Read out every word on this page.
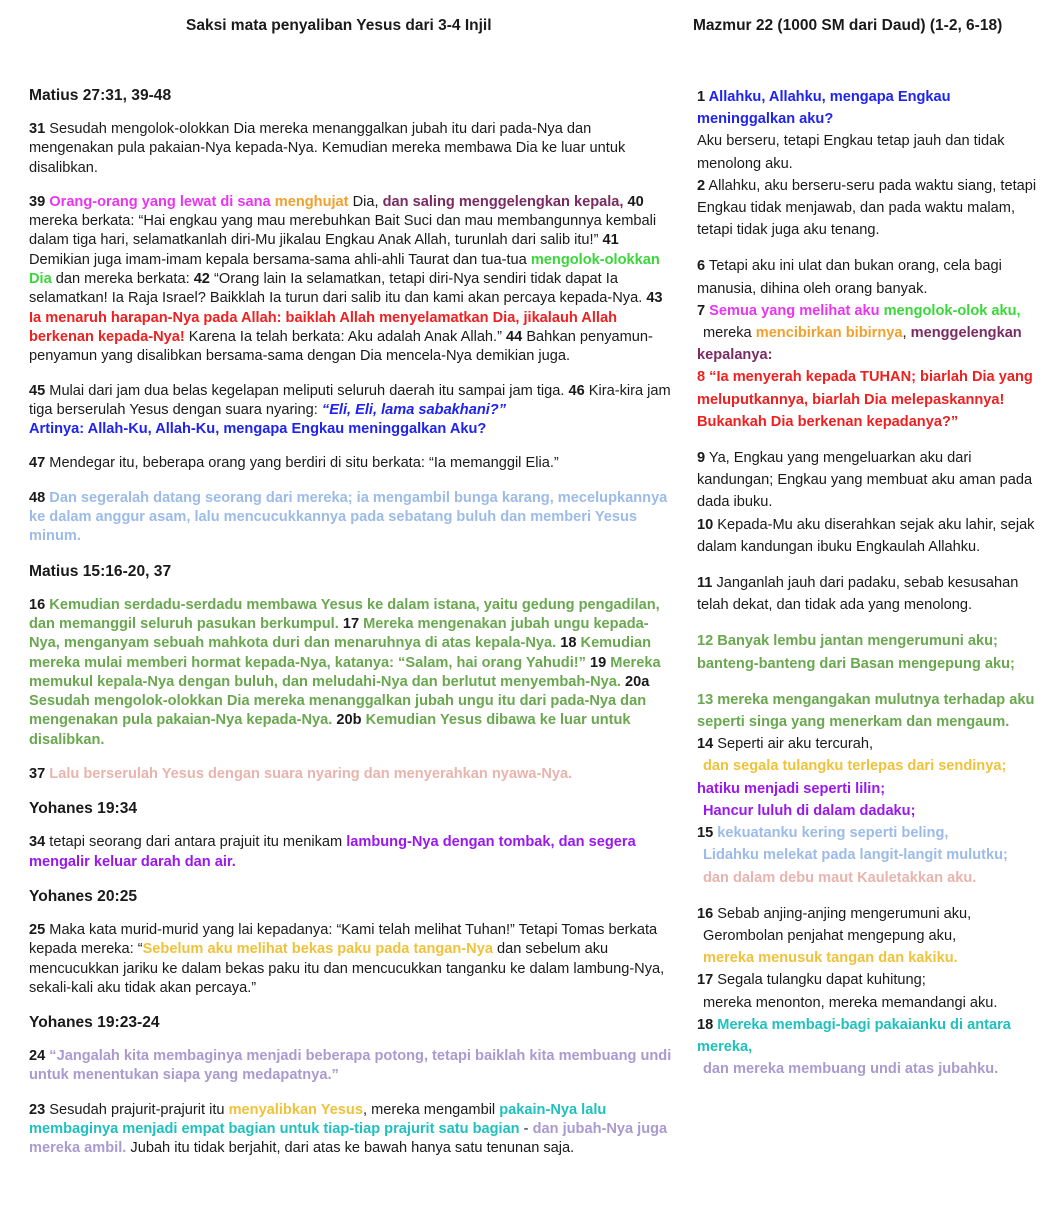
Saksi mata penyaliban Yesus dari 3-4 Injil	Mazmur 22 (1000 SM dari Daud) (1-2, 6-18)
Matius 27:31, 39-48

31 Sesudah mengolok-olokkan Dia mereka menanggalkan jubah itu dari pada-Nya dan mengenakan pula pakaian-Nya kepada-Nya. Kemudian mereka membawa Dia ke luar untuk disalibkan.

39 Orang-orang yang lewat di sana menghujat Dia, dan saling menggelengkan kepala, 40 mereka berkata: “Hai engkau yang mau merebuhkan Bait Suci dan mau membangunnya kembali dalam tiga hari, selamatkanlah diri-Mu jikalau Engkau Anak Allah, turunlah dari salib itu!” 41 Demikian juga imam-imam kepala bersama-sama ahli-ahli Taurat dan tua-tua mengolok-olokkan Dia dan mereka berkata: 42 “Orang lain Ia selamatkan, tetapi diri-Nya sendiri tidak dapat Ia selamatkan! Ia Raja Israel? Baikklah Ia turun dari salib itu dan kami akan percaya kepada-Nya. 43 Ia menaruh harapan-Nya pada Allah: baiklah Allah menyelamatkan Dia, jikalauh Allah berkenan kepada-Nya! Karena Ia telah berkata: Aku adalah Anak Allah.” 44 Bahkan penyamun-penyamun yang disalibkan bersama-sama dengan Dia mencela-Nya demikian juga.

45 Mulai dari jam dua belas kegelapan meliputi seluruh daerah itu sampai jam tiga. 46 Kira-kira jam tiga berserulah Yesus dengan suara nyaring: “Eli, Eli, lama sabakhani?”
Artinya: Allah-Ku, Allah-Ku, mengapa Engkau meninggalkan Aku?

47 Mendegar itu, beberapa orang yang berdiri di situ berkata: “Ia memanggil Elia.”

48 Dan segeralah datang seorang dari mereka; ia mengambil bunga karang, mecelupkannya ke dalam anggur asam, lalu mencucukkannya pada sebatang buluh dan memberi Yesus minum.

Matius 15:16-20, 37

16 Kemudian serdadu-serdadu membawa Yesus ke dalam istana, yaitu gedung pengadilan, dan memanggil seluruh pasukan berkumpul. 17 Mereka mengenakan jubah ungu kepada-Nya, menganyam sebuah mahkota duri dan menaruhnya di atas kepala-Nya. 18 Kemudian mereka mulai memberi hormat kepada-Nya, katanya: “Salam, hai orang Yahudi!” 19 Mereka memukul kepala-Nya dengan buluh, dan meludahi-Nya dan berlutut menyembah-Nya. 20a Sesudah mengolok-olokkan Dia mereka menanggalkan jubah ungu itu dari pada-Nya dan mengenakan pula pakaian-Nya kepada-Nya. 20b Kemudian Yesus dibawa ke luar untuk disalibkan.

37 Lalu berserulah Yesus dengan suara nyaring dan menyerahkan nyawa-Nya.

Yohanes 19:34

34 tetapi seorang dari antara prajuit itu menikam lambung-Nya dengan tombak, dan segera mengalir keluar darah dan air.

Yohanes 20:25

25 Maka kata murid-murid yang lai kepadanya: “Kami telah melihat Tuhan!” Tetapi Tomas berkata kepada mereka: “Sebelum aku melihat bekas paku pada tangan-Nya dan sebelum aku mencucukkan jariku ke dalam bekas paku itu dan mencucukkan tanganku ke dalam lambung-Nya, sekali-kali aku tidak akan percaya.”

Yohanes 19:23-24

24 “Jangalah kita membaginya menjadi beberapa potong, tetapi baiklah kita membuang undi untuk menentukan siapa yang medapatnya.”

23 Sesudah prajurit-prajurit itu menyalibkan Yesus, mereka mengambil pakain-Nya lalu membaginya menjadi empat bagian untuk tiap-tiap prajurit satu bagian - dan jubah-Nya juga mereka ambil. Jubah itu tidak berjahit, dari atas ke bawah hanya satu tenunan saja.

1 Allahku, Allahku, mengapa Engkau meninggalkan aku?
Aku berseru, tetapi Engkau tetap jauh dan tidak menolong aku.
2 Allahku, aku berseru-seru pada waktu siang, tetapi Engkau tidak menjawab, dan pada waktu malam, tetapi tidak juga aku tenang.

6 Tetapi aku ini ulat dan bukan orang, cela bagi manusia, dihina oleh orang banyak.
7 Semua yang melihat aku mengolok-olok aku,
mereka mencibirkan bibirnya, menggelengkan kepalanya:
8 “Ia menyerah kepada TUHAN; biarlah Dia yang meluputkannya, biarlah Dia melepaskannya! Bukankah Dia berkenan kepadanya?”

9 Ya, Engkau yang mengeluarkan aku dari kandungan; Engkau yang membuat aku aman pada dada ibuku.
10 Kepada-Mu aku diserahkan sejak aku lahir, sejak dalam kandungan ibuku Engkaulah Allahku.

11 Janganlah jauh dari padaku, sebab kesusahan telah dekat, dan tidak ada yang menolong.

12 Banyak lembu jantan mengerumuni aku; banteng-banteng dari Basan mengepung aku;

13 mereka mengangakan mulutnya terhadap aku seperti singa yang menerkam dan mengaum.
14 Seperti air aku tercurah,
dan segala tulangku terlepas dari sendinya;
hatiku menjadi seperti lilin;
Hancur luluh di dalam dadaku;
15 kekuatanku kering seperti beling,
Lidahku melekat pada langit-langit mulutku;
dan dalam debu maut Kauletakkan aku.

16 Sebab anjing-anjing mengerumuni aku,
Gerombolan penjahat mengepung aku,
mereka menusuk tangan dan kakiku.
17 Segala tulangku dapat kuhitung;
mereka menonton, mereka memandangi aku.
18 Mereka membagi-bagi pakaianku di antara mereka,
dan mereka membuang undi atas jubahku.
